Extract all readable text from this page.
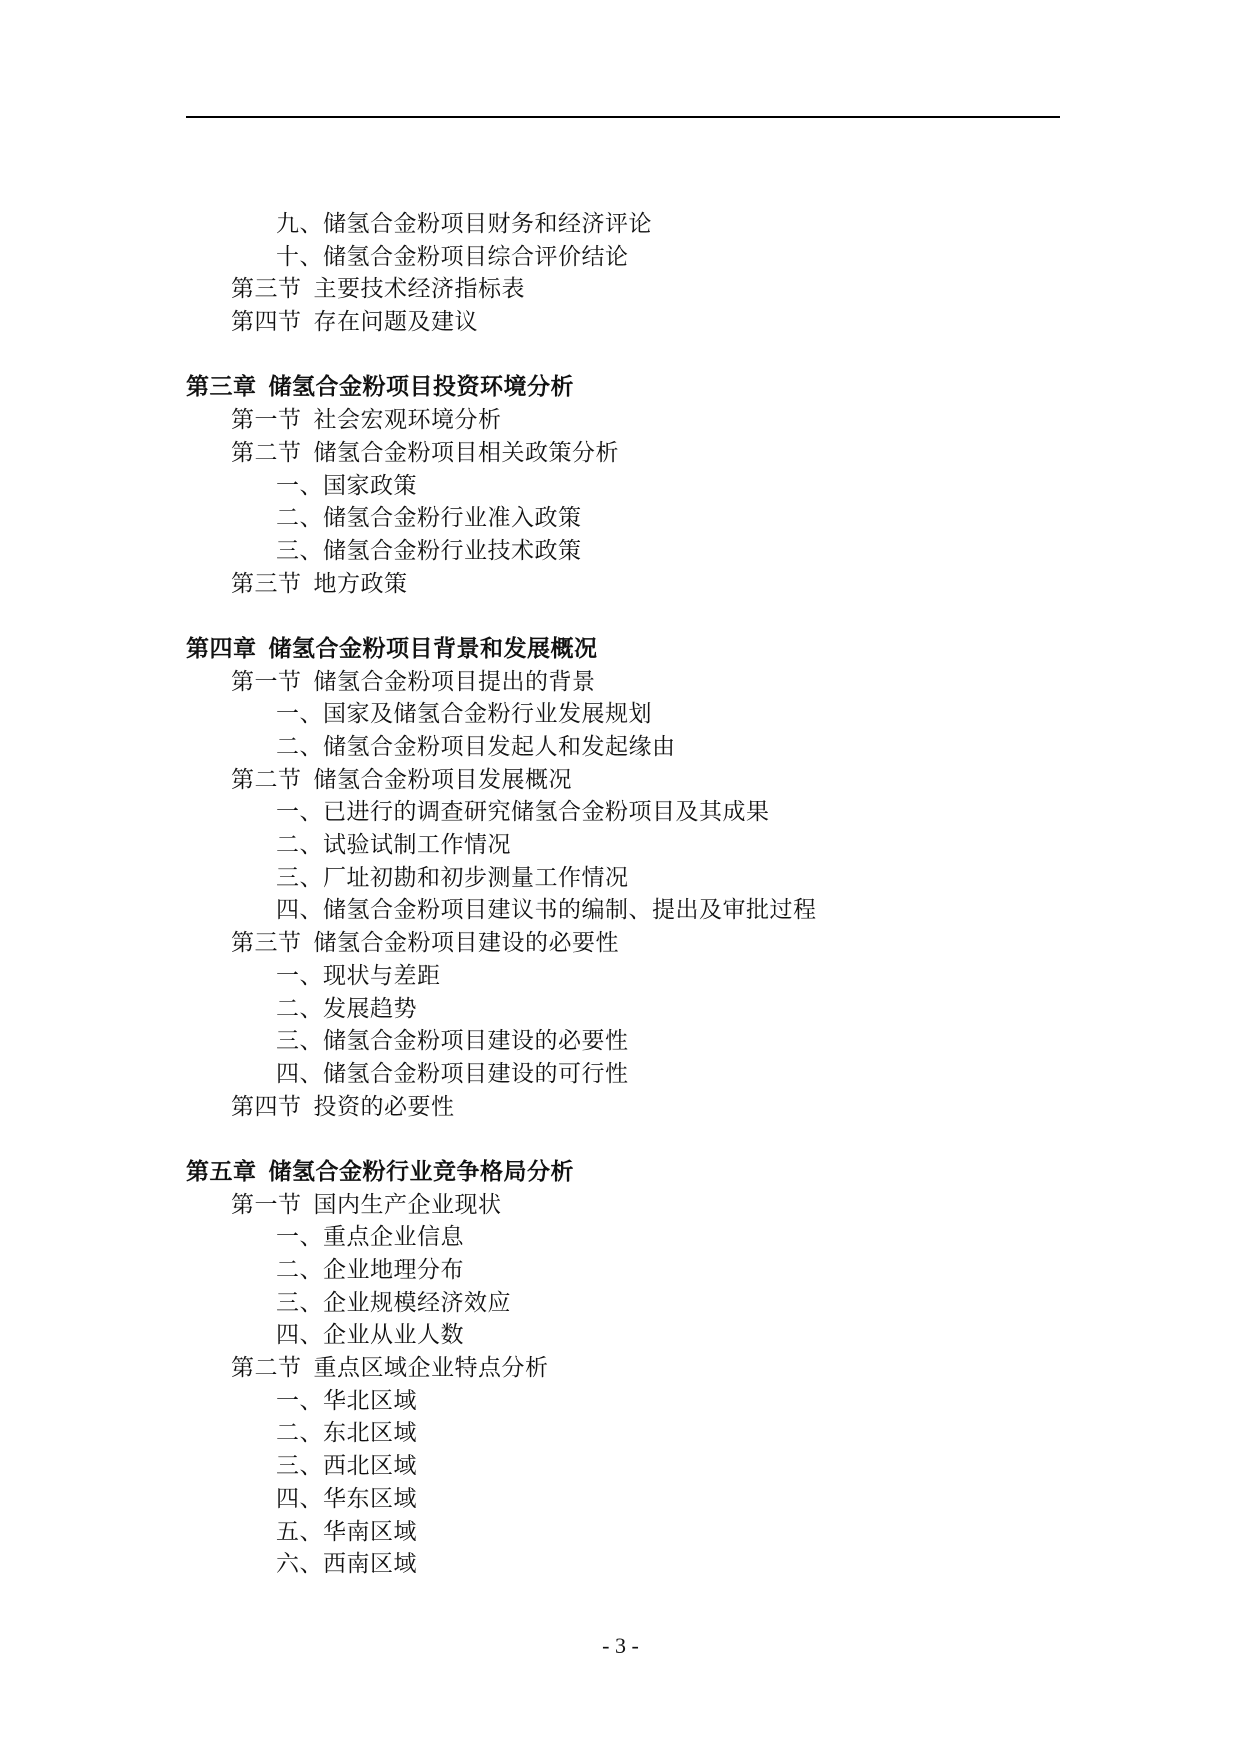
九、储氢合金粉项目财务和经济评论
十、储氢合金粉项目综合评价结论
第三节 主要技术经济指标表
第四节 存在问题及建议
第三章 储氢合金粉项目投资环境分析
第一节 社会宏观环境分析
第二节 储氢合金粉项目相关政策分析
一、国家政策
二、储氢合金粉行业准入政策
三、储氢合金粉行业技术政策
第三节 地方政策
第四章 储氢合金粉项目背景和发展概况
第一节 储氢合金粉项目提出的背景
一、国家及储氢合金粉行业发展规划
二、储氢合金粉项目发起人和发起缘由
第二节 储氢合金粉项目发展概况
一、已进行的调查研究储氢合金粉项目及其成果
二、试验试制工作情况
三、厂址初勘和初步测量工作情况
四、储氢合金粉项目建议书的编制、提出及审批过程
第三节 储氢合金粉项目建设的必要性
一、现状与差距
二、发展趋势
三、储氢合金粉项目建设的必要性
四、储氢合金粉项目建设的可行性
第四节 投资的必要性
第五章 储氢合金粉行业竞争格局分析
第一节 国内生产企业现状
一、重点企业信息
二、企业地理分布
三、企业规模经济效应
四、企业从业人数
第二节 重点区域企业特点分析
一、华北区域
二、东北区域
三、西北区域
四、华东区域
五、华南区域
六、西南区域
- 3 -
